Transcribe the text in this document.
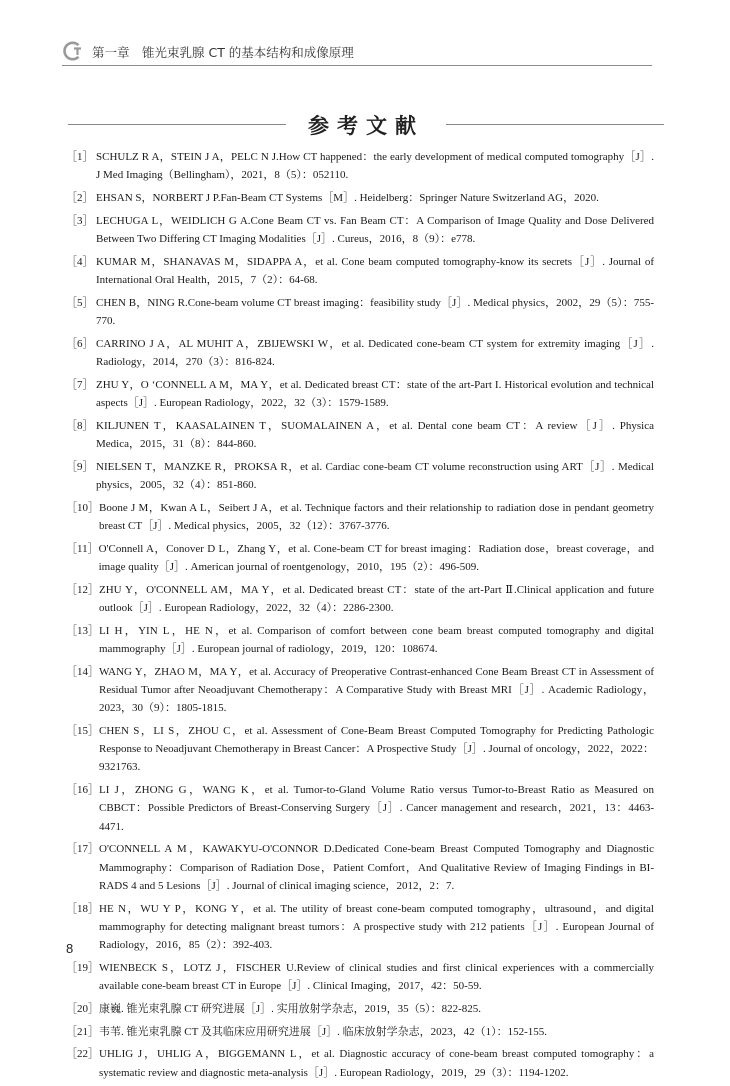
第一章　锥光束乳腺 CT 的基本结构和成像原理
参考文献
［1］ SCHULZ R A，STEIN J A，PELC N J.How CT happened：the early development of medical computed tomography［J］. J Med Imaging（Bellingham），2021，8（5）：052110.
［2］ EHSAN S，NORBERT J P.Fan-Beam CT Systems［M］. Heidelberg：Springer Nature Switzerland AG，2020.
［3］ LECHUGA L，WEIDLICH G A.Cone Beam CT vs. Fan Beam CT：A Comparison of Image Quality and Dose Delivered Between Two Differing CT Imaging Modalities［J］. Cureus，2016，8（9）：e778.
［4］ KUMAR M，SHANAVAS M，SIDAPPA A，et al. Cone beam computed tomography-know its secrets［J］. Journal of International Oral Health，2015，7（2）：64-68.
［5］ CHEN B，NING R.Cone-beam volume CT breast imaging：feasibility study［J］. Medical physics，2002，29（5）：755-770.
［6］ CARRINO J A，AL MUHIT A，ZBIJEWSKI W，et al. Dedicated cone-beam CT system for extremity imaging［J］. Radiology，2014，270（3）：816-824.
［7］ ZHU Y，O ‘CONNELL A M，MA Y，et al. Dedicated breast CT：state of the art-Part I. Historical evolution and technical aspects［J］. European Radiology，2022，32（3）：1579-1589.
［8］ KILJUNEN T，KAASALAINEN T，SUOMALAINEN A，et al. Dental cone beam CT：A review［J］. Physica Medica，2015，31（8）：844-860.
［9］ NIELSEN T，MANZKE R，PROKSA R，et al. Cardiac cone-beam CT volume reconstruction using ART［J］. Medical physics，2005，32（4）：851-860.
［10］ Boone J M，Kwan A L，Seibert J A，et al. Technique factors and their relationship to radiation dose in pendant geometry breast CT［J］. Medical physics，2005，32（12）：3767-3776.
［11］ O'Connell A，Conover D L，Zhang Y，et al. Cone-beam CT for breast imaging：Radiation dose，breast coverage，and image quality［J］. American journal of roentgenology，2010，195（2）：496-509.
［12］ ZHU Y，O'CONNELL AM，MA Y，et al. Dedicated breast CT：state of the art-Part Ⅱ.Clinical application and future outlook［J］. European Radiology，2022，32（4）：2286-2300.
［13］ LI H，YIN L，HE N，et al. Comparison of comfort between cone beam breast computed tomography and digital mammography［J］. European journal of radiology，2019，120：108674.
［14］ WANG Y，ZHAO M，MA Y，et al. Accuracy of Preoperative Contrast-enhanced Cone Beam Breast CT in Assessment of Residual Tumor after Neoadjuvant Chemotherapy：A Comparative Study with Breast MRI［J］. Academic Radiology，2023，30（9）：1805-1815.
［15］ CHEN S，LI S，ZHOU C，et al. Assessment of Cone-Beam Breast Computed Tomography for Predicting Pathologic Response to Neoadjuvant Chemotherapy in Breast Cancer：A Prospective Study［J］. Journal of oncology，2022，2022：9321763.
［16］ LI J，ZHONG G，WANG K，et al. Tumor-to-Gland Volume Ratio versus Tumor-to-Breast Ratio as Measured on CBBCT：Possible Predictors of Breast-Conserving Surgery［J］. Cancer management and research，2021，13：4463-4471.
［17］ O'CONNELL A M，KAWAKYU-O'CONNOR D.Dedicated Cone-beam Breast Computed Tomography and Diagnostic Mammography：Comparison of Radiation Dose，Patient Comfort，And Qualitative Review of Imaging Findings in BI-RADS 4 and 5 Lesions［J］. Journal of clinical imaging science，2012，2：7.
［18］ HE N，WU Y P，KONG Y，et al. The utility of breast cone-beam computed tomography，ultrasound，and digital mammography for detecting malignant breast tumors：A prospective study with 212 patients［J］. European Journal of Radiology，2016，85（2）：392-403.
［19］ WIENBECK S，LOTZ J，FISCHER U.Review of clinical studies and first clinical experiences with a commercially available cone-beam breast CT in Europe［J］. Clinical Imaging，2017，42：50-59.
［20］ 康巍. 锥光束乳腺 CT 研究进展［J］. 实用放射学杂志，2019，35（5）：822-825.
［21］ 韦苇. 锥光束乳腺 CT 及其临床应用研究进展［J］. 临床放射学杂志，2023，42（1）：152-155.
［22］ UHLIG J，UHLIG A，BIGGEMANN L，et al. Diagnostic accuracy of cone-beam breast computed tomography：a systematic review and diagnostic meta-analysis［J］. European Radiology，2019，29（3）：1194-1202.
8
